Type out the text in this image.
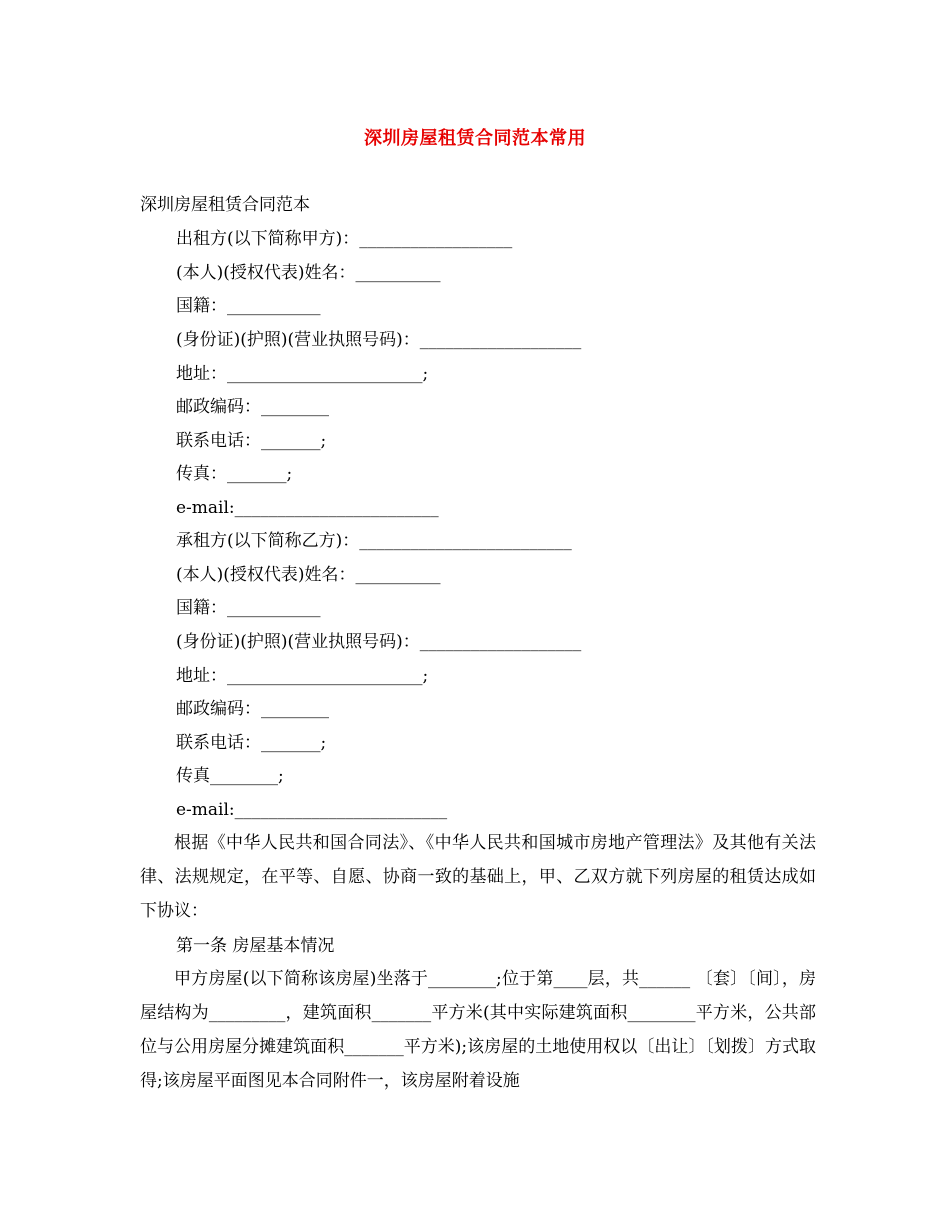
深圳房屋租赁合同范本常用
深圳房屋租赁合同范本
出租方(以下简称甲方)：__________________
(本人)(授权代表)姓名：__________
国籍：___________
(身份证)(护照)(营业执照号码)：___________________
地址：_______________________;
邮政编码：________
联系电话：_______;
传真：_______;
e-mail:________________________
承租方(以下简称乙方)：_________________________
(本人)(授权代表)姓名：__________
国籍：___________
(身份证)(护照)(营业执照号码)：___________________
地址：_______________________;
邮政编码：________
联系电话：_______;
传真________;
e-mail:_________________________
根据《中华人民共和国合同法》、《中华人民共和国城市房地产管理法》及其他有关法律、法规规定，在平等、自愿、协商一致的基础上，甲、乙双方就下列房屋的租赁达成如下协议：
第一条 房屋基本情况
甲方房屋(以下简称该房屋)坐落于________;位于第____层，共______ 〔套〕〔间〕，房屋结构为_________，建筑面积_______平方米(其中实际建筑面积________平方米，公共部位与公用房屋分摊建筑面积_______平方米);该房屋的土地使用权以〔出让〕〔划拨〕方式取得;该房屋平面图见本合同附件一，该房屋附着设施
